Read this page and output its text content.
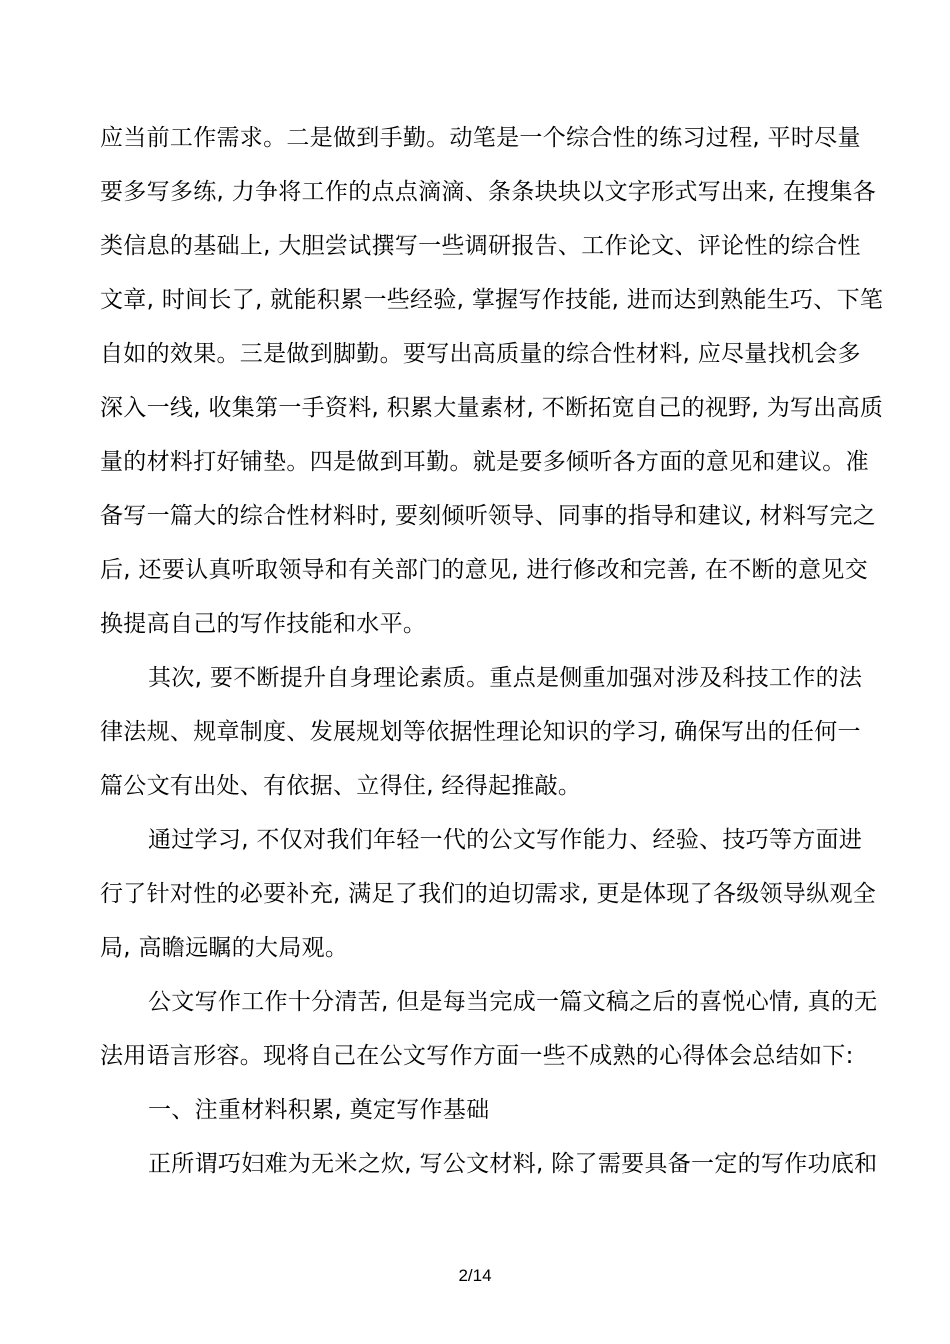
应当前工作需求。二是做到手勤。动笔是一个综合性的练习过程, 平时尽量
要多写多练, 力争将工作的点点滴滴、条条块块以文字形式写出来, 在搜集各
类信息的基础上, 大胆尝试撰写一些调研报告、工作论文、评论性的综合性
文章, 时间长了, 就能积累一些经验, 掌握写作技能, 进而达到熟能生巧、下笔
自如的效果。三是做到脚勤。要写出高质量的综合性材料, 应尽量找机会多
深入一线, 收集第一手资料, 积累大量素材, 不断拓宽自己的视野, 为写出高质
量的材料打好铺垫。四是做到耳勤。就是要多倾听各方面的意见和建议。准
备写一篇大的综合性材料时, 要刻倾听领导、同事的指导和建议, 材料写完之
后, 还要认真听取领导和有关部门的意见, 进行修改和完善, 在不断的意见交
换提高自己的写作技能和水平。
其次, 要不断提升自身理论素质。重点是侧重加强对涉及科技工作的法
律法规、规章制度、发展规划等依据性理论知识的学习, 确保写出的任何一
篇公文有出处、有依据、立得住, 经得起推敲。
通过学习, 不仅对我们年轻一代的公文写作能力、经验、技巧等方面进
行了针对性的必要补充, 满足了我们的迫切需求, 更是体现了各级领导纵观全
局, 高瞻远瞩的大局观。
公文写作工作十分清苦, 但是每当完成一篇文稿之后的喜悦心情, 真的无
法用语言形容。现将自己在公文写作方面一些不成熟的心得体会总结如下:
一、注重材料积累, 奠定写作基础
正所谓巧妇难为无米之炊, 写公文材料, 除了需要具备一定的写作功底和
2/14
